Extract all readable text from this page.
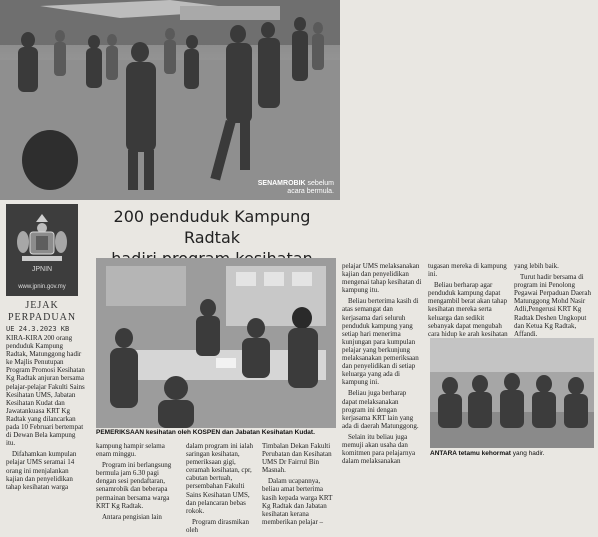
SENAMROBIK sebelum acara bermula.
JPNIN
www.jpnin.gov.my
200 penduduk Kampung Radtak
JEJAK
PERPADUAN
UE 24.3.2023 KB

KIRA-KIRA 200 orang penduduk Kampung Radtak, Matunggong hadir ke Majlis Penutupan Program Promosi Kesihatan Kg Radtak anjuran bersama pelajar-pelajar Fakulti Sains Kesihatan UMS, Jabatan Kesihatan Kudat dan Jawatankuasa KRT Kg Radtak yang dilancarkan pada 10 Februari bertempat di Dewan Bela kampung itu.

Difahamkan kumpulan pelajar UMS seramai 14 orang ini menjalankan kajian dan penyelidikan tahap kesihatan warga

PEMERIKSAAN kesihatan oleh KOSPEN dan Jabatan Kesihatan Kudat.

kampung hampir selama enam minggu.

Program ini berlangsung bermula jam 6.30 pagi dengan sesi pendaftaran, senamrobik dan beberapa permainan bersama warga KRT Kg Radtak.

Antara pengisian lain

dalam program ini ialah saringan kesihatan, pemeriksaan gigi, ceramah kesihatan, cpr, cabutan bertuah, persembahan Fakulti Sains Kesihatan UMS, dan pelancaran bebas rokok.

Program dirasmikan oleh

Timbalan Dekan Fakulti Perubatan dan Kesihatan UMS Dr Fairrul Bin Masnah.

Dalam ucapannya, beliau amat berterima kasih kepada warga KRT Kg Radtak dan Jabatan kesihatan kerana memberikan pelajar –

pelajar UMS melaksanakan kajian dan penyelidikan mengenai tahap kesihatan di kampung itu.

Beliau berterima kasih di atas semangat dan kerjasama dari seluruh penduduk kampung yang setiap hari menerima kunjungan para kumpulan pelajar yang berkunjung melaksanakan pemeriksaan dan penyelidikan di setiap keluarga yang ada di kampung ini.

Beliau juga berharap dapat melaksanakan program ini dengan kerjasama KRT lain yang ada di daerah Matunggong.

Selain itu beliau juga memuji akan usaha dan komitmen para pelajarnya dalam melaksanakan

tugasan mereka di kampung ini.

Beliau berharap agar penduduk kampung dapat mengambil berat akan tahap kesihatan mereka serta keluarga dan sedikit sebanyak dapat mengubah cara hidup ke arah kesihatan

yang lebih baik.

Turut hadir bersama di program ini Penolong Pegawai Perpaduan Daerah Matunggong Mohd Nasir Adli,Pengerusi KRT Kg Radtak Deshen Ungkoput dan Ketua Kg Radtak, Affandi.

ANTARA tetamu kehormat yang hadir.
